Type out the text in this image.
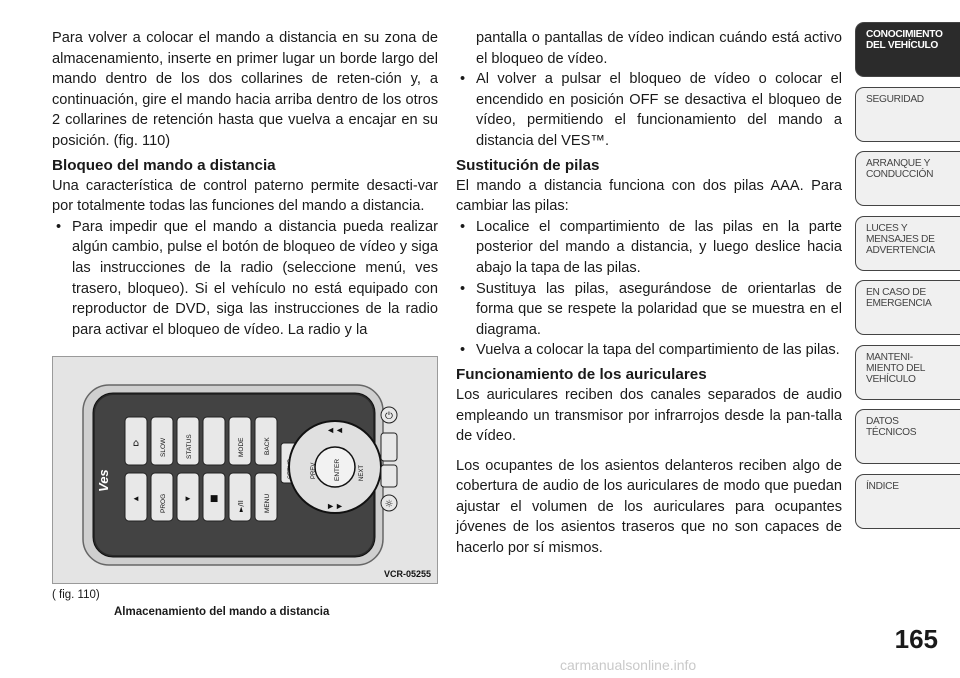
Para volver a colocar el mando a distancia en su zona de almacenamiento, inserte en primer lugar un borde largo del mando dentro de los dos collarines de reten-ción y, a continuación, gire el mando hacia arriba dentro de los otros 2 collarines de retención hasta que vuelva a encajar en su posición. (fig. 110)

Bloqueo del mando a distancia

Una característica de control paterno permite desacti-var por totalmente todas las funciones del mando a distancia.

• Para impedir que el mando a distancia pueda realizar algún cambio, pulse el botón de bloqueo de vídeo y siga las instrucciones de la radio (seleccione menú, ves trasero, bloqueo). Si el vehículo no está equipado con reproductor de DVD, siga las instrucciones de la radio para activar el bloqueo de vídeo. La radio y la

Ves
⌂	SLOW	STATUS	MODE	BACK
◄	PROG ► ■
►/II	MENU
ENTER	NEXT
PREV
◄◄
►►
⏻
☼
VCR-05255
( fig. 110)
Almacenamiento del mando a distancia

pantalla o pantallas de vídeo indican cuándo está activo el bloqueo de vídeo.

• Al volver a pulsar el bloqueo de vídeo o colocar el encendido en posición OFF se desactiva el bloqueo de vídeo, permitiendo el funcionamiento del mando a distancia del VES™.

Sustitución de pilas

El mando a distancia funciona con dos pilas AAA. Para cambiar las pilas:

• Localice el compartimiento de las pilas en la parte posterior del mando a distancia, y luego deslice hacia abajo la tapa de las pilas.

• Sustituya las pilas, asegurándose de orientarlas de forma que se respete la polaridad que se muestra en el diagrama.

• Vuelva a colocar la tapa del compartimiento de las pilas.

Funcionamiento de los auriculares

Los auriculares reciben dos canales separados de audio empleando un transmisor por infrarrojos desde la pan-talla de vídeo.

Los ocupantes de los asientos delanteros reciben algo de cobertura de audio de los auriculares de modo que puedan ajustar el volumen de los auriculares para ocupantes jóvenes de los asientos traseros que no son capaces de hacerlo por sí mismos.

CONOCIMIENTO
DEL VEHÍCULO
SEGURIDAD
ARRANQUE Y
CONDUCCIÓN
LUCES Y
MENSAJES DE
ADVERTENCIA
EN CASO DE
EMERGENCIA
MANTENI-
MIENTO DEL
VEHÍCULO
DATOS
TÉCNICOS
ÍNDICE
165
carmanualsonline.info
